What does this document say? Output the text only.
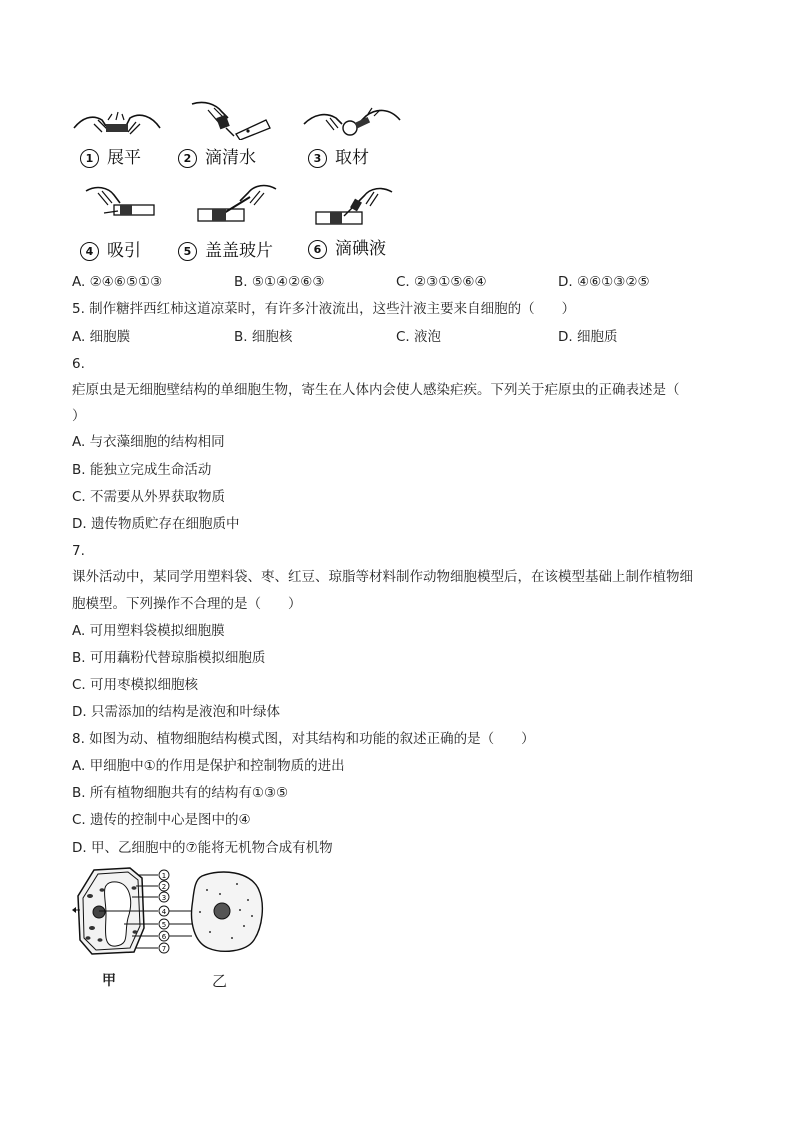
1 展平	2 滴清水	3 取材
4 吸引	5 盖盖玻片	6 滴碘液
A. ②④⑥⑤①③	B. ⑤①④②⑥③	C. ②③①⑤⑥④	D. ④⑥①③②⑤
5. 制作糖拌西红柿这道凉菜时，有许多汁液流出，这些汁液主要来自细胞的（　　）
A. 细胞膜	B. 细胞核	C. 液泡	D. 细胞质
6.
疟原虫是无细胞壁结构的单细胞生物，寄生在人体内会使人感染疟疾。下列关于疟原虫的正确表述是（
）
A. 与衣藻细胞的结构相同
B. 能独立完成生命活动
C. 不需要从外界获取物质
D. 遗传物质贮存在细胞质中
7.
课外活动中，某同学用塑料袋、枣、红豆、琼脂等材料制作动物细胞模型后，在该模型基础上制作植物细
胞模型。下列操作不合理的是（　　）
A. 可用塑料袋模拟细胞膜
B. 可用藕粉代替琼脂模拟细胞质
C. 可用枣模拟细胞核
D. 只需添加的结构是液泡和叶绿体
8. 如图为动、植物细胞结构模式图，对其结构和功能的叙述正确的是（　　）
A. 甲细胞中①的作用是保护和控制物质的进出
B. 所有植物细胞共有的结构有①③⑤
C. 遗传的控制中心是图中的④
D. 甲、乙细胞中的⑦能将无机物合成有机物
1
2
3
4
5
6
7
甲	乙
